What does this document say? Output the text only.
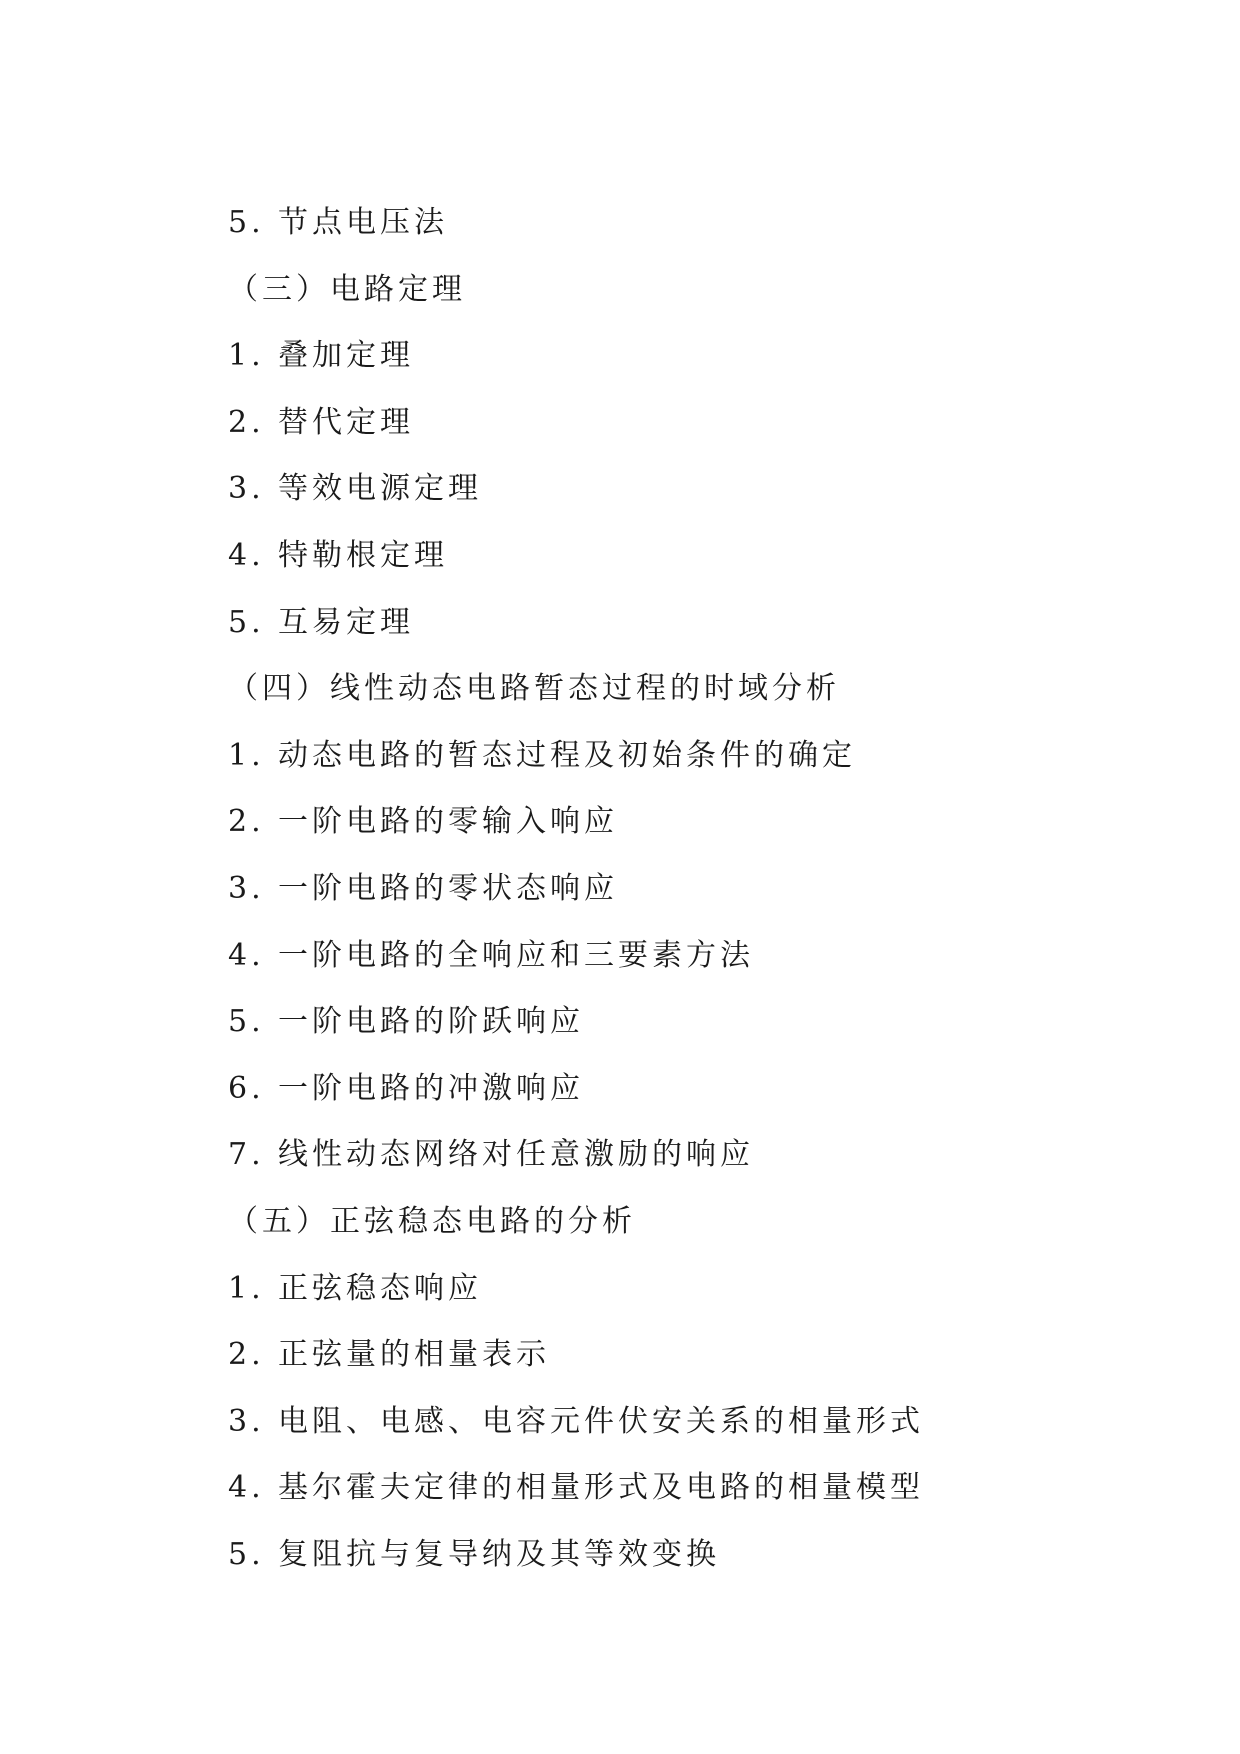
5. 节点电压法
（三）电路定理
1. 叠加定理
2. 替代定理
3. 等效电源定理
4. 特勒根定理
5. 互易定理
（四）线性动态电路暂态过程的时域分析
1. 动态电路的暂态过程及初始条件的确定
2. 一阶电路的零输入响应
3. 一阶电路的零状态响应
4. 一阶电路的全响应和三要素方法
5. 一阶电路的阶跃响应
6. 一阶电路的冲激响应
7. 线性动态网络对任意激励的响应
（五）正弦稳态电路的分析
1. 正弦稳态响应
2. 正弦量的相量表示
3. 电阻、电感、电容元件伏安关系的相量形式
4. 基尔霍夫定律的相量形式及电路的相量模型
5. 复阻抗与复导纳及其等效变换
